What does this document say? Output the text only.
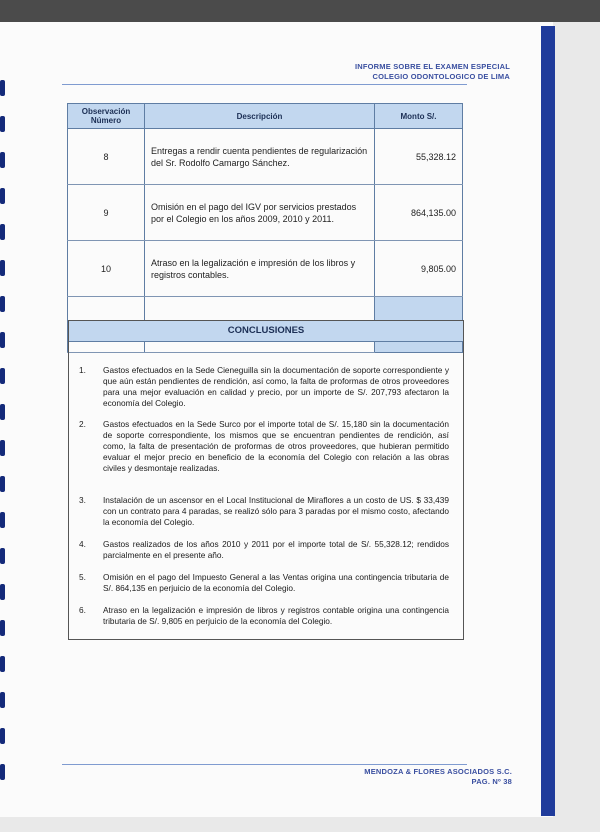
INFORME SOBRE EL EXAMEN ESPECIAL
COLEGIO ODONTOLOGICO DE LIMA
Observación Número	Descripción	Monto S/.
8	Entregas a rendir cuenta pendientes de regularización del Sr. Rodolfo Camargo Sánchez.	55,328.12
9	Omisión en el pago del IGV por servicios prestados por el Colegio en los años 2009, 2010 y 2011.	864,135.00
10	Atraso en la legalización e impresión de los libros y registros contables.	9,805.00

CONCLUSIONES
1.	Gastos efectuados en la Sede Cieneguilla sin la documentación de soporte correspondiente y que aún están pendientes de rendición, así como, la falta de proformas de otros proveedores para una mejor evaluación en calidad y precio, por un importe de S/. 207,793 afectaron la economía del Colegio.
2.	Gastos efectuados en la Sede Surco por el importe total de S/. 15,180 sin la documentación de soporte correspondiente, los mismos que se encuentran pendientes de rendición, así como, la falta de presentación de proformas de otros proveedores, que hubieran permitido evaluar el mejor precio en beneficio de la economía del Colegio con relación a las obras civiles y desmontaje realizadas.
3.	Instalación de un ascensor en el Local Institucional de Miraflores a un costo de US. $ 33,439 con un contrato para 4 paradas, se realizó sólo para 3 paradas por el mismo costo, afectando la economía del Colegio.
4.	Gastos realizados de los años 2010 y 2011 por el importe total de S/. 55,328.12; rendidos parcialmente en el presente año.
5.	Omisión en el pago del Impuesto General a las Ventas origina una contingencia tributaria de S/. 864,135 en perjuicio de la economía del Colegio.
6.	Atraso en la legalización e impresión de libros y registros contable origina una contingencia tributaria de S/. 9,805 en perjuicio de la economía del Colegio.
MENDOZA & FLORES ASOCIADOS S.C.
PAG. Nº 38
